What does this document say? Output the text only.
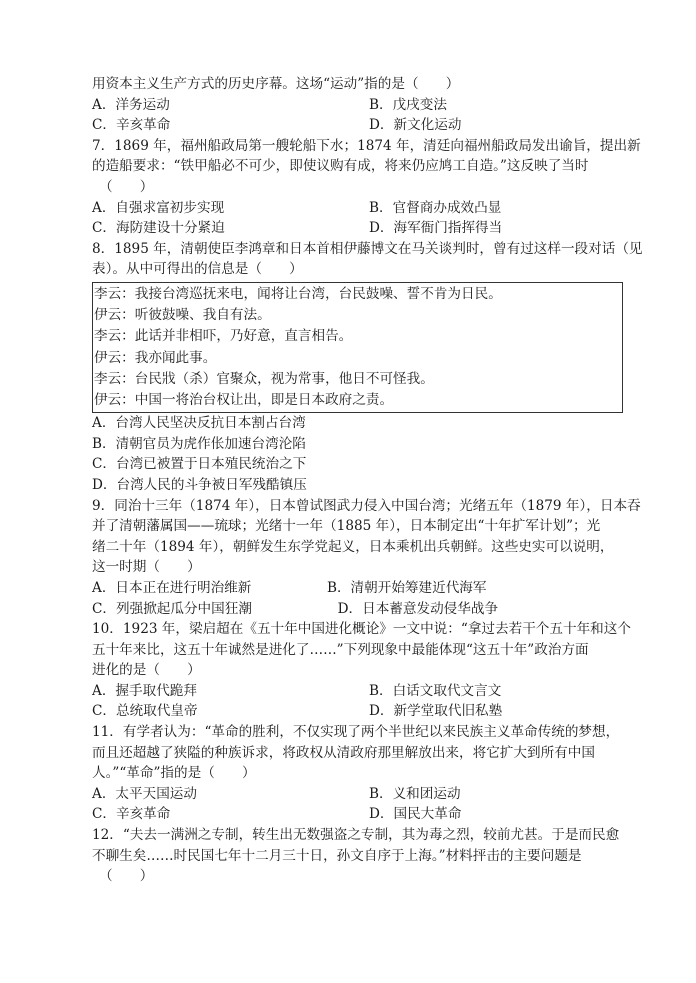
用资本主义生产方式的历史序幕。这场“运动”指的是（　　）
A．洋务运动	B．戊戌变法
C．辛亥革命	D．新文化运动
7．1869 年，福州船政局第一艘轮船下水；1874 年，清廷向福州船政局发出谕旨，提出新
的造船要求：“铁甲船必不可少，即使议购有成，将来仍应鸠工自造。”这反映了当时
（　　）
A．自强求富初步实现	B．官督商办成效凸显
C．海防建设十分紧迫	D．海军衙门指挥得当
8．1895 年，清朝使臣李鸿章和日本首相伊藤博文在马关谈判时，曾有过这样一段对话（见
表）。从中可得出的信息是（　　）
李云：我接台湾巡抚来电，闻将让台湾，台民鼓噪、誓不肯为日民。
伊云：听彼鼓噪、我自有法。
李云：此话并非相吓，乃好意，直言相告。
伊云：我亦闻此事。
李云：台民戕（杀）官聚众，视为常事，他日不可怪我。
伊云：中国一将治台权让出，即是日本政府之责。
A．台湾人民坚决反抗日本割占台湾
B．清朝官员为虎作伥加速台湾沦陷
C．台湾已被置于日本殖民统治之下
D．台湾人民的斗争被日军残酷镇压
9．同治十三年（1874 年），日本曾试图武力侵入中国台湾；光绪五年（1879 年），日本吞
并了清朝藩属国——琉球；光绪十一年（1885 年），日本制定出“十年扩军计划”；光
绪二十年（1894 年），朝鲜发生东学党起义，日本乘机出兵朝鲜。这些史实可以说明，
这一时期（　　）
A．日本正在进行明治维新	B．清朝开始筹建近代海军
C．列强掀起瓜分中国狂潮	D．日本蓄意发动侵华战争
10．1923 年，梁启超在《五十年中国进化概论》一文中说：“拿过去若干个五十年和这个
五十年来比，这五十年诚然是进化了……”下列现象中最能体现“这五十年”政治方面
进化的是（　　）
A．握手取代跪拜	B．白话文取代文言文
C．总统取代皇帝	D．新学堂取代旧私塾
11．有学者认为：“革命的胜利，不仅实现了两个半世纪以来民族主义革命传统的梦想，
而且还超越了狭隘的种族诉求，将政权从清政府那里解放出来，将它扩大到所有中国
人。”“革命”指的是（　　）
A．太平天国运动	B．义和团运动
C．辛亥革命	D．国民大革命
12．“夫去一满洲之专制，转生出无数强盗之专制，其为毒之烈，较前尤甚。于是而民愈
不聊生矣……时民国七年十二月三十日，孙文自序于上海。”材料抨击的主要问题是
（　　）
